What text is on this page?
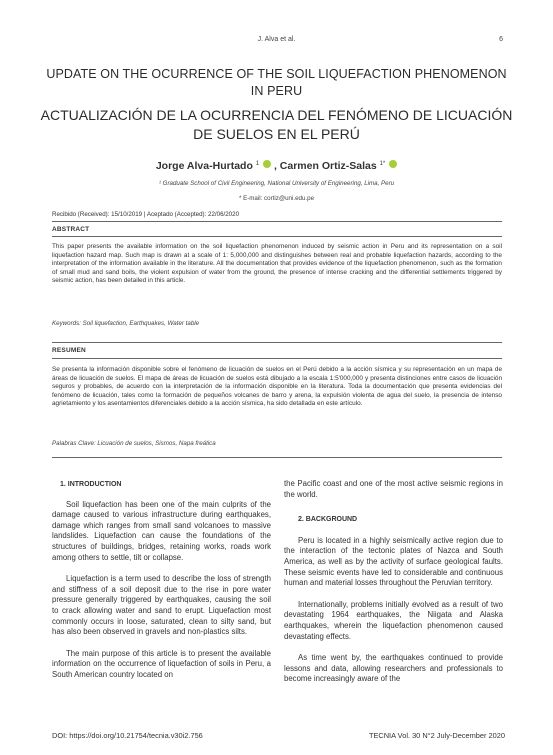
J. Alva et al.	6
UPDATE ON THE OCURRENCE OF THE SOIL LIQUEFACTION PHENOMENON IN PERU
ACTUALIZACIÓN DE LA OCURRENCIA DEL FENÓMENO DE LICUACIÓN DE SUELOS EN EL PERÚ
Jorge Alva-Hurtado $^1$ , Carmen Ortiz-Salas $^{1*}$
¹ Graduate School of Civil Engineering, National University of Engineering, Lima, Peru
* E-mail: cortiz@uni.edu.pe
Recibido (Received): 15/10/2019 | Aceptado (Accepted): 22/06/2020
ABSTRACT
This paper presents the available information on the soil liquefaction phenomenon induced by seismic action in Peru and its representation on a soil liquefaction hazard map. Such map is drawn at a scale of 1: 5,000,000 and distinguishes between real and probable liquefaction hazards, according to the interpretation of the information available in the literature. All the documentation that provides evidence of the liquefaction phenomenon, such as the formation of small mud and sand boils, the violent expulsion of water from the ground, the presence of intense cracking and the differential settlements triggered by seismic action, has been detailed in this article.
Keywords: Soil liquefaction, Earthquakes, Water table
RESUMEN
Se presenta la información disponible sobre el fenómeno de licuación de suelos en el Perú debido a la acción sísmica y su representación en un mapa de áreas de licuación de suelos. El mapa de áreas de licuación de suelos está dibujado a la escala 1:5'000,000 y presenta distinciones entre casos de licuación seguros y probables, de acuerdo con la interpretación de la información disponible en la literatura. Toda la documentación que presenta evidencias del fenómeno de licuación, tales como la formación de pequeños volcanes de barro y arena, la expulsión violenta de agua del suelo, la presencia de intenso agrietamiento y los asentamientos diferenciales debido a la acción sísmica, ha sido detallada en este artículo.
Palabras Clave: Licuación de suelos, Sismos, Napa freática
1. INTRODUCTION

Soil liquefaction has been one of the main culprits of the damage caused to various infrastructure during earthquakes, damage which ranges from small sand volcanoes to massive landslides. Liquefaction can cause the foundations of the structures of buildings, bridges, retaining works, roads work among others to settle, tilt or collapse.

Liquefaction is a term used to describe the loss of strength and stiffness of a soil deposit due to the rise in pore water pressure generally triggered by earthquakes, causing the soil to crack allowing water and sand to erupt. Liquefaction most commonly occurs in loose, saturated, clean to silty sand, but has also been observed in gravels and non-plastics silts.

The main purpose of this article is to present the available information on the occurrence of liquefaction of soils in Peru, a South American country located on

the Pacific coast and one of the most active seismic regions in the world.
2. BACKGROUND

Peru is located in a highly seismically active region due to the interaction of the tectonic plates of Nazca and South America, as well as by the activity of surface geological faults. These seismic events have led to considerable and continuous human and material losses throughout the Peruvian territory.

Internationally, problems initially evolved as a result of two devastating 1964 earthquakes, the Niigata and Alaska earthquakes, wherein the liquefaction phenomenon caused devastating effects.

As time went by, the earthquakes continued to provide lessons and data, allowing researchers and professionals to become increasingly aware of the

DOI: https://doi.org/10.21754/tecnia.v30i2.756	TECNIA Vol. 30 N°2 July-December 2020
